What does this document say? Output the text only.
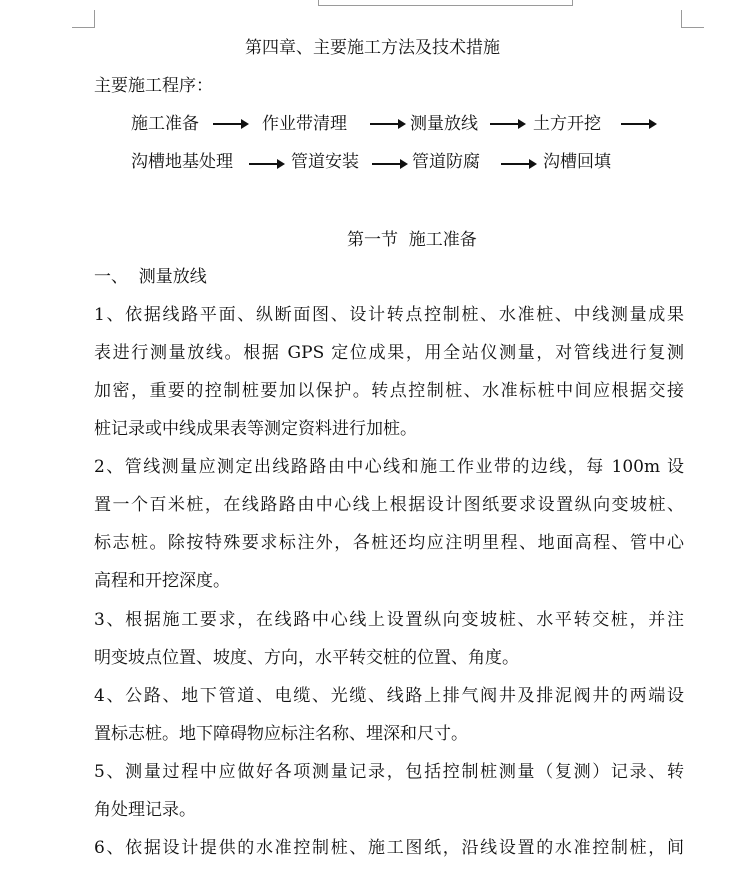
第四章、主要施工方法及技术措施
主要施工程序：
施工准备	作业带清理	测量放线	土方开挖
沟槽地基处理	管道安装	管道防腐	沟槽回填
第一节  施工准备
一、  测量放线
1、依据线路平面、纵断面图、设计转点控制桩、水准桩、中线测量成果
表进行测量放线。根据 GPS 定位成果，用全站仪测量，对管线进行复测
加密，重要的控制桩要加以保护。转点控制桩、水准标桩中间应根据交接
桩记录或中线成果表等测定资料进行加桩。
2、管线测量应测定出线路路由中心线和施工作业带的边线，每 100m 设
置一个百米桩，在线路路由中心线上根据设计图纸要求设置纵向变坡桩、
标志桩。除按特殊要求标注外，各桩还均应注明里程、地面高程、管中心
高程和开挖深度。
3、根据施工要求，在线路中心线上设置纵向变坡桩、水平转交桩，并注
明变坡点位置、坡度、方向，水平转交桩的位置、角度。
4、公路、地下管道、电缆、光缆、线路上排气阀井及排泥阀井的两端设
置标志桩。地下障碍物应标注名称、埋深和尺寸。
5、测量过程中应做好各项测量记录，包括控制桩测量（复测）记录、转
角处理记录。
6、依据设计提供的水准控制桩、施工图纸，沿线设置的水准控制桩，间
